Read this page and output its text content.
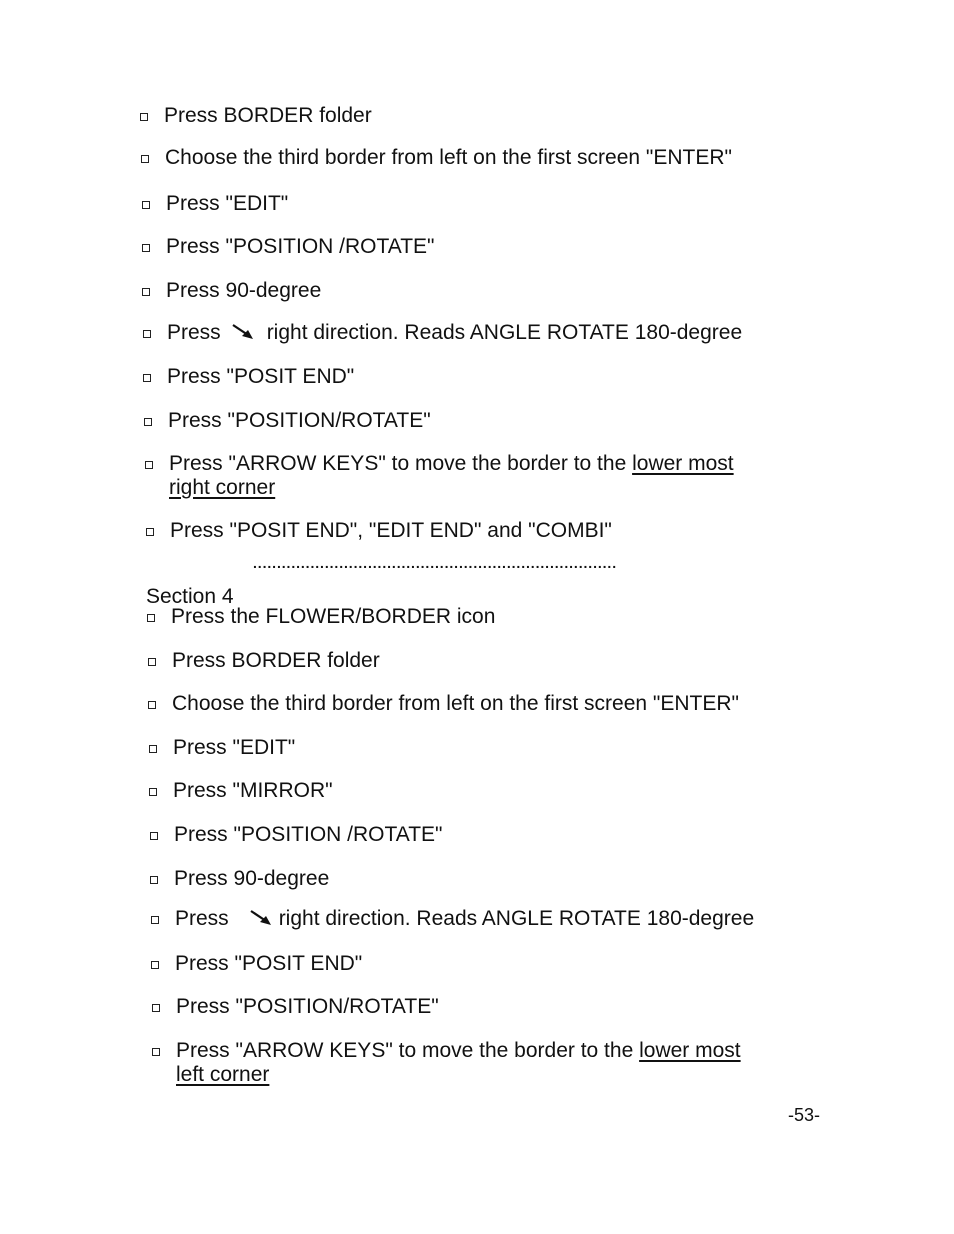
Press BORDER folder
Choose the third border from left on the first screen "ENTER"
Press "EDIT"
Press "POSITION /ROTATE"
Press 90-degree
Press right direction. Reads ANGLE ROTATE 180-degree
Press "POSIT END"
Press "POSITION/ROTATE"
Press "ARROW KEYS" to move the border to the lower most
right corner
Press "POSIT END", "EDIT END" and "COMBI"
............................................................................
Section 4
Press the FLOWER/BORDER icon
Press BORDER folder
Choose the third border from left on the first screen "ENTER"
Press "EDIT"
Press "MIRROR"
Press "POSITION /ROTATE"
Press 90-degree
Press right direction. Reads ANGLE ROTATE 180-degree
Press "POSIT END"
Press "POSITION/ROTATE"
Press "ARROW KEYS" to move the border to the lower most
left corner
-53-
